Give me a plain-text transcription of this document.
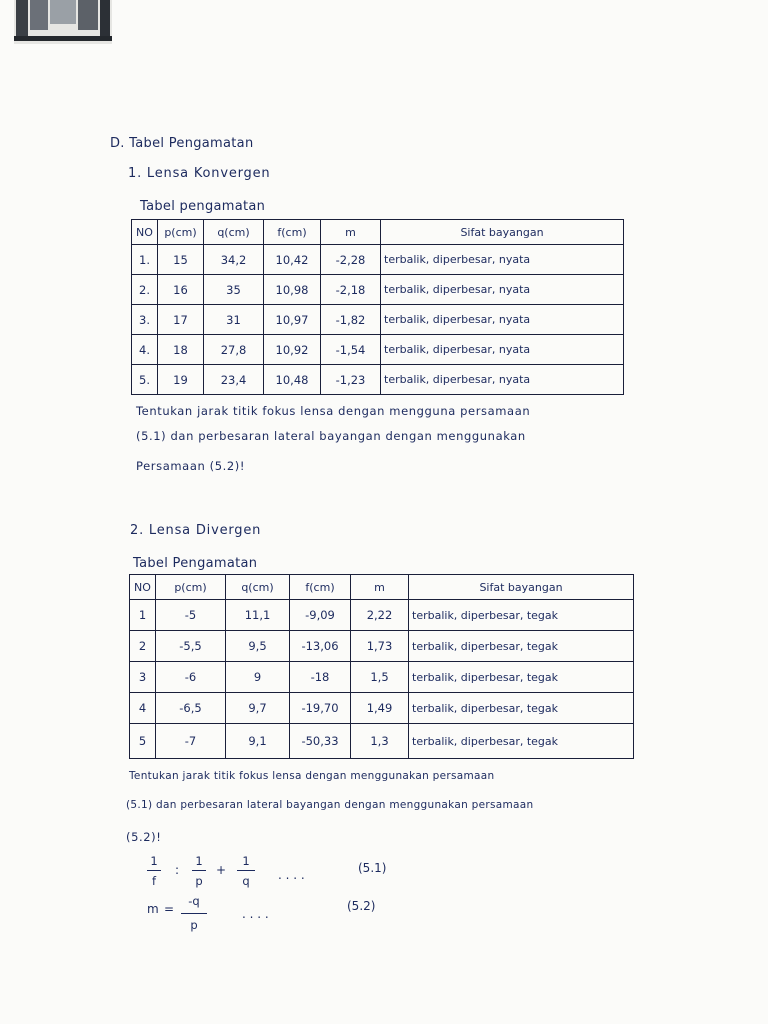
D. Tabel Pengamatan
1. Lensa Konvergen
Tabel pengamatan
NO	p(cm)	q(cm)	f(cm)	m	Sifat bayangan
1.	15	34,2	10,42	-2,28	terbalik, diperbesar, nyata
2.	16	35	10,98	-2,18	terbalik, diperbesar, nyata
3.	17	31	10,97	-1,82	terbalik, diperbesar, nyata
4.	18	27,8	10,92	-1,54	terbalik, diperbesar, nyata
5.	19	23,4	10,48	-1,23	terbalik, diperbesar, nyata
Tentukan jarak titik fokus lensa dengan mengguna persamaan
(5.1) dan perbesaran lateral bayangan dengan menggunakan
Persamaan (5.2)!
2. Lensa Divergen
Tabel Pengamatan
NO	p(cm)	q(cm)	f(cm)	m	Sifat bayangan
1	-5	11,1	-9,09	2,22	terbalik, diperbesar, tegak
2	-5,5	9,5	-13,06	1,73	terbalik, diperbesar, tegak
3	-6	9	-18	1,5	terbalik, diperbesar, tegak
4	-6,5	9,7	-19,70	1,49	terbalik, diperbesar, tegak
5	-7	9,1	-50,33	1,3	terbalik, diperbesar, tegak
Tentukan jarak titik fokus lensa dengan menggunakan persamaan
(5.1) dan perbesaran lateral bayangan dengan menggunakan persamaan
(5.2)!
1
f
:
1
p
+
1
q	. . . .	(5.1)
m =
-q
p
. . . .
(5.2)
